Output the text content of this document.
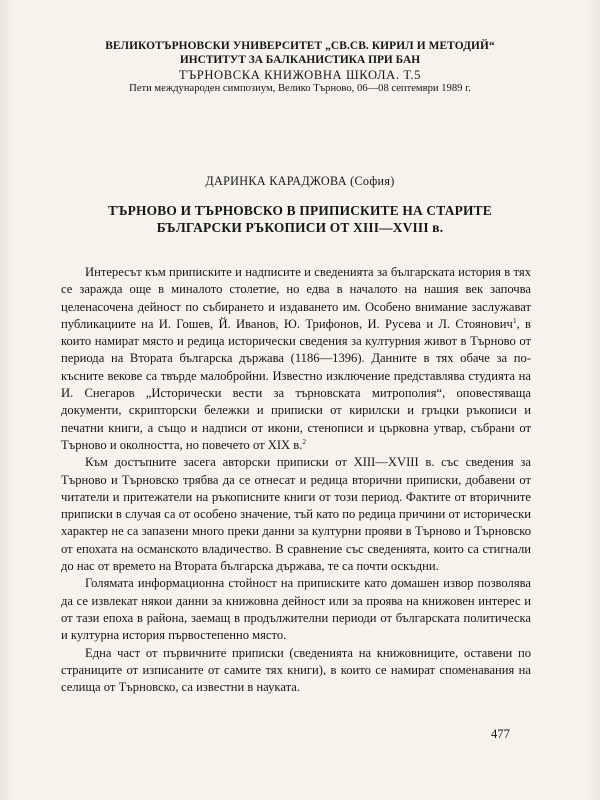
ВЕЛИКОТЪРНОВСКИ УНИВЕРСИТЕТ „СВ.СВ. КИРИЛ И МЕТОДИЙ“
ИНСТИТУТ ЗА БАЛКАНИСТИКА ПРИ БАН
ТЪРНОВСКА КНИЖОВНА ШКОЛА. Т.5
Пети международен симпозиум, Велико Търново, 06—08 септември 1989 г.
ДАРИНКА КАРАДЖОВА (София)
ТЪРНОВО И ТЪРНОВСКО В ПРИПИСКИТЕ НА СТАРИТЕ
БЪЛГАРСКИ РЪКОПИСИ ОТ XIII—XVIII в.

Интересът към приписките и надписите и сведенията за българската история в тях се заражда още в миналото столетие, но едва в началото на нашия век започва целенасочена дейност по събирането и издаването им. Особено внимание заслужават публикациите на И. Гошев, Й. Иванов, Ю. Трифонов, И. Русева и Л. Стоянович$^1$, в които намират място и редица исторически сведения за културния живот в Търново от периода на Втората българска държава (1186—1396). Данните в тях обаче за по-късните векове са твърде малобройни. Известно изключение представлява студията на И. Снегаров „Исторически вести за търновската митрополия“, оповестяваща документи, скрипторски бележки и приписки от кирилски и гръцки ръкописи и печатни книги, а също и надписи от икони, стенописи и църковна утвар, събрани от Търново и околността, но повечето от XIX в.$^2$

Към достъпните засега авторски приписки от XIII—XVIII в. със сведения за Търново и Търновско трябва да се отнесат и редица вторични приписки, добавени от читатели и притежатели на ръкописните книги от този период. Фактите от вторичните приписки в случая са от особено значение, тъй като по редица причини от исторически характер не са запазени много преки данни за културни прояви в Търново и Търновско от епохата на османското владичество. В сравнение със сведенията, които са стигнали до нас от времето на Втората българска държава, те са почти оскъдни.

Голямата информационна стойност на приписките като домашен извор позволява да се извлекат някои данни за книжовна дейност или за проява на книжовен интерес и от тази епоха в района, заемащ в продължителни периоди от българската политическа и културна история първостепенно място.

Една част от първичните приписки (сведенията на книжовниците, оставени по страниците от изписаните от самите тях книги), в които се намират споменавания на селища от Търновско, са известни в науката.

477
